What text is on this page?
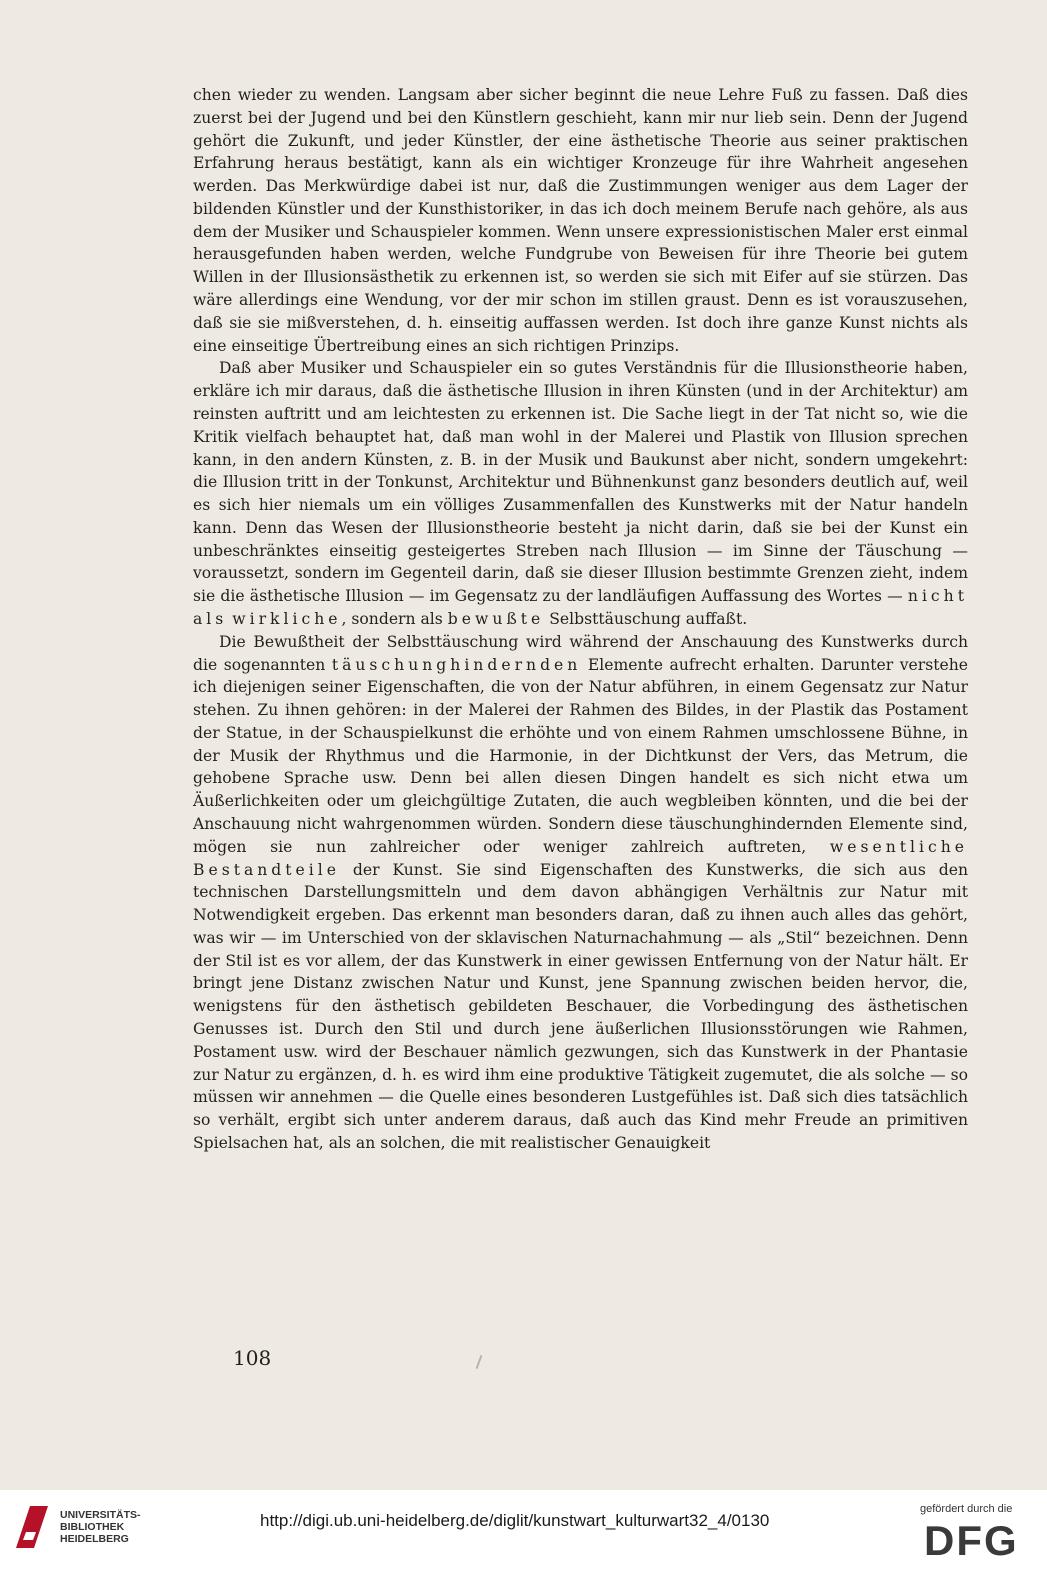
chen wieder zu wenden. Langsam aber sicher beginnt die neue Lehre Fuß zu fassen. Daß dies zuerst bei der Jugend und bei den Künstlern geschieht, kann mir nur lieb sein. Denn der Jugend gehört die Zukunft, und jeder Künstler, der eine ästhetische Theorie aus seiner praktischen Erfahrung heraus bestätigt, kann als ein wichtiger Kronzeuge für ihre Wahrheit angesehen werden. Das Merkwürdige dabei ist nur, daß die Zustimmungen weniger aus dem Lager der bildenden Künstler und der Kunsthistoriker, in das ich doch meinem Berufe nach gehöre, als aus dem der Musiker und Schauspieler kommen. Wenn unsere expressionistischen Maler erst einmal herausgefunden haben werden, welche Fundgrube von Beweisen für ihre Theorie bei gutem Willen in der Illusionsästhetik zu erkennen ist, so werden sie sich mit Eifer auf sie stürzen. Das wäre allerdings eine Wendung, vor der mir schon im stillen graust. Denn es ist vorauszusehen, daß sie sie mißverstehen, d. h. einseitig auffassen werden. Ist doch ihre ganze Kunst nichts als eine einseitige Übertreibung eines an sich richtigen Prinzips.

Daß aber Musiker und Schauspieler ein so gutes Verständnis für die Illusionstheorie haben, erkläre ich mir daraus, daß die ästhetische Illusion in ihren Künsten (und in der Architektur) am reinsten auftritt und am leichtesten zu erkennen ist. Die Sache liegt in der Tat nicht so, wie die Kritik vielfach behauptet hat, daß man wohl in der Malerei und Plastik von Illusion sprechen kann, in den andern Künsten, z. B. in der Musik und Baukunst aber nicht, sondern umgekehrt: die Illusion tritt in der Tonkunst, Architektur und Bühnenkunst ganz besonders deutlich auf, weil es sich hier niemals um ein völliges Zusammenfallen des Kunstwerks mit der Natur handeln kann. Denn das Wesen der Illusionstheorie besteht ja nicht darin, daß sie bei der Kunst ein unbeschränktes einseitig gesteigertes Streben nach Illusion — im Sinne der Täuschung — voraussetzt, sondern im Gegenteil darin, daß sie dieser Illusion bestimmte Grenzen zieht, indem sie die ästhetische Illusion — im Gegensatz zu der landläufigen Auffassung des Wortes — nicht als wirkliche, sondern als bewußte Selbsttäuschung auffaßt.

Die Bewußtheit der Selbsttäuschung wird während der Anschauung des Kunstwerks durch die sogenannten täuschunghindernden Elemente aufrecht erhalten. Darunter verstehe ich diejenigen seiner Eigenschaften, die von der Natur abführen, in einem Gegensatz zur Natur stehen. Zu ihnen gehören: in der Malerei der Rahmen des Bildes, in der Plastik das Postament der Statue, in der Schauspielkunst die erhöhte und von einem Rahmen umschlossene Bühne, in der Musik der Rhythmus und die Harmonie, in der Dichtkunst der Vers, das Metrum, die gehobene Sprache usw. Denn bei allen diesen Dingen handelt es sich nicht etwa um Äußerlichkeiten oder um gleichgültige Zutaten, die auch wegbleiben könnten, und die bei der Anschauung nicht wahrgenommen würden. Sondern diese täuschunghindernden Elemente sind, mögen sie nun zahlreicher oder weniger zahlreich auftreten, wesentliche Bestandteile der Kunst. Sie sind Eigenschaften des Kunstwerks, die sich aus den technischen Darstellungsmitteln und dem davon abhängigen Verhältnis zur Natur mit Notwendigkeit ergeben. Das erkennt man besonders daran, daß zu ihnen auch alles das gehört, was wir — im Unterschied von der sklavischen Naturnachahmung — als „Stil“ bezeichnen. Denn der Stil ist es vor allem, der das Kunstwerk in einer gewissen Entfernung von der Natur hält. Er bringt jene Distanz zwischen Natur und Kunst, jene Spannung zwischen beiden hervor, die, wenigstens für den ästhetisch gebildeten Beschauer, die Vorbedingung des ästhetischen Genusses ist. Durch den Stil und durch jene äußerlichen Illusionsstörungen wie Rahmen, Postament usw. wird der Beschauer nämlich gezwungen, sich das Kunstwerk in der Phantasie zur Natur zu ergänzen, d. h. es wird ihm eine produktive Tätigkeit zugemutet, die als solche — so müssen wir annehmen — die Quelle eines besonderen Lustgefühles ist. Daß sich dies tatsächlich so verhält, ergibt sich unter anderem daraus, daß auch das Kind mehr Freude an primitiven Spielsachen hat, als an solchen, die mit realistischer Genauigkeit

108
UNIVERSITÄTS-
BIBLIOTHEK
HEIDELBERG
http://digi.ub.uni-heidelberg.de/diglit/kunstwart_kulturwart32_4/0130
gefördert durch die
DFG
